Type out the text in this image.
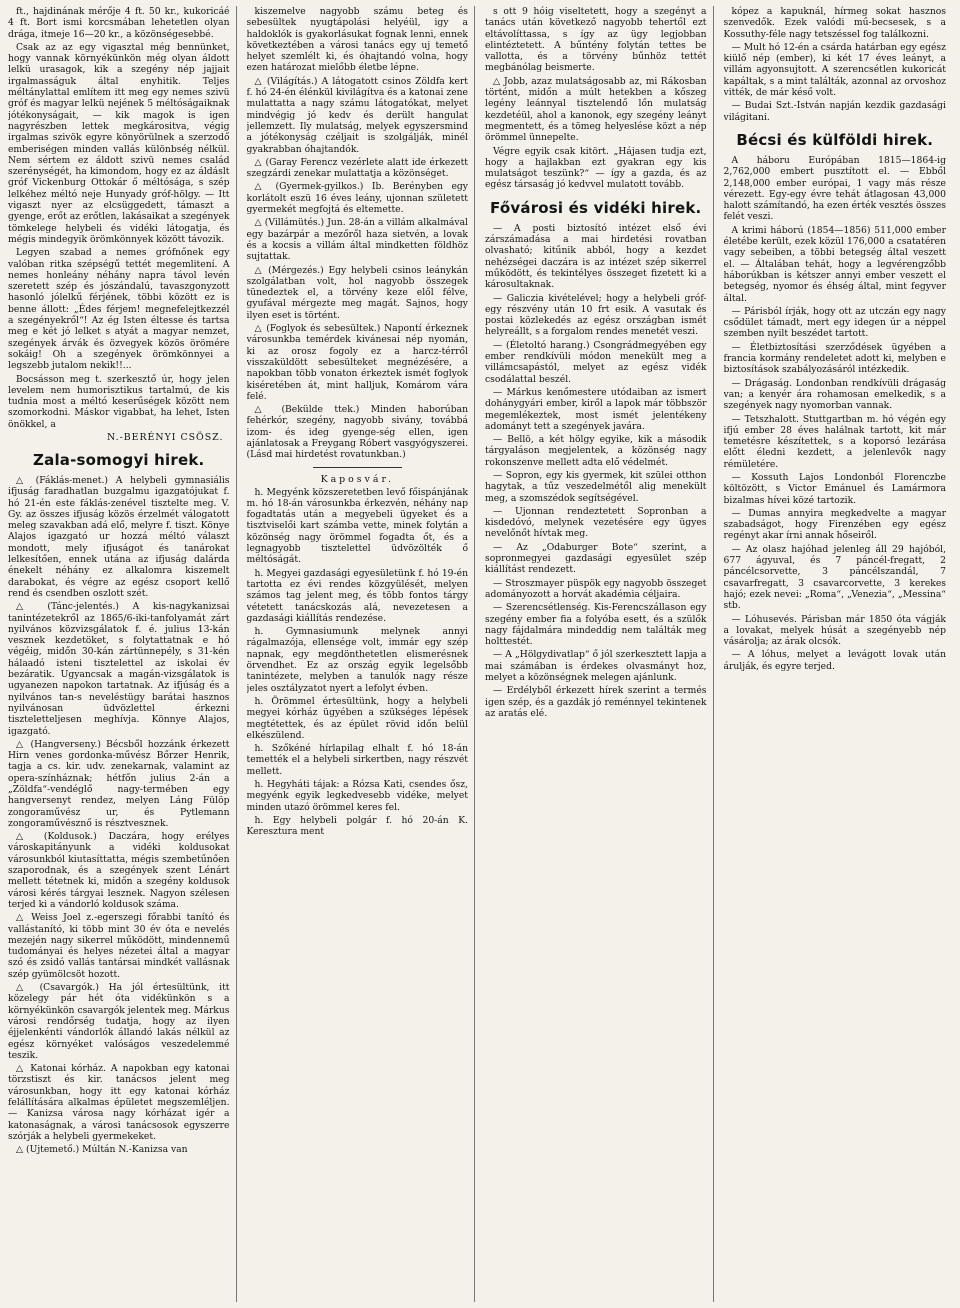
ft., hajdinának mérője 4 ft. 50 kr., kukoricáé 4 ft. Bort ismi korcsmában lehetetlen olyan drága, itmeje 16—20 kr., a közönségesebbé.

Csak az az egy vigasztal még bennünket, hogy vannak környékünkön még olyan áldott lelkü urasagok, kik a szegény nép jajjait irgalmasságuk által enyhitik. Teljes méltánylattal említem itt meg egy nemes szivü gróf és magyar lelkü nejének 5 méltóságaiknak jótékonyságait, — kik magok is igen nagyrészben lettek megkárositva, végig irgalmas szivök egyre könyörülnek a szerzodő emberiségen minden vallás különbség nélkül. Nem sértem ez áldott szivü nemes család szerénységét, ha kimondom, hogy ez az áldáslt gróf Vickenburg Ottokár ő méltósága, s szép lelkéhez méltó neje Hunyady gróf-hölgy. — Itt vigaszt nyer az elcsüggedett, támaszt a gyenge, erőt az erőtlen, lakásaikat a szegények tömkelege helybeli és vidéki látogatja, és mégis mindegyik örömkönnyek között távozik.

Legyen szabad a nemes grófnőnek egy valóban ritka szépségű tettét megemlitení. A nemes honleány néhány napra távol levén szeretett szép és jószándalú, tavaszgonyzott hasonló jólelkű férjének, többi között ez is benne állott: „Édes férjem! megnefelejtkezzél a szegényekről“! Az ég Isten éltesse és tartsa meg e két jó lelket s atyát a magyar nemzet, szegények árvák és özvegyek közös örömére sokáig! Oh a szegények örömkönnyei a legszebb jutalom nekik!!...

Bocsásson meg t. szerkesztő úr, hogy jelen levelem nem humorisztikus tartalmú, de kis tudnia most a méltó keserűségek között nem szomorkodni. Máskor vigabbat, ha lehet, Isten önökkel, a

N.-BERÉNYI CSÖSZ.
Zala-somogyi hirek.

△ (Fáklás-menet.) A helybeli gymnasiális ifjuság faradhatlan buzgalmu igazgatójukat f. hó 21-én este fáklás-zenével tisztelte meg. V. Gy. az összes ifjuság közös érzelmét válogatott meleg szavakban adá elő, melyre f. tiszt. Könye Alajos igazgató ur hozzá méltó választ mondott, mely ifjuságot és tanárokat lelkesítően, ennek utána az ifjuság dalárda énekelt néhány ez alkalomra kiszemelt darabokat, és végre az egész csoport kellő rend és csendben oszlott szét.

△ (Tánc-jelentés.) A kis-nagykanizsai tanintézetekről az 1865/6-iki-tanfolyamát zárt nyilvános közvizsgálatok f. é. julius 13-kán vesznek kezdetöket, s folytattatnak e hó végéig, midőn 30-kán zártünnepély, s 31-kén hálaadó isteni tisztelettel az iskolai év bezáratik. Ugyancsak a magán-vizsgálatok is ugyanezen napokon tartatnak. Az ifjúság és a nyilvános tan-s neveléstügy barátai hasznos nyilvánosan üdvözlettel érkezni tiszteletteljesen meghívja. Könnye Alajos, igazgató.

△ (Hangverseny.) Bécsből hozzánk érkezett Hirn venes gordonka-művész Bőrzer Henrik, tagja a cs. kir. udv. zenekarnak, valamint az opera-színháznak; hétfőn julius 2-án a „Zöldfa“-vendéglő nagy-termében egy hangversenyt rendez, melyen Láng Fülöp zongoraművész ur, és Pytlemann zongoraművésznő is résztvesznek.

△ (Koldusok.) Daczára, hogy erélyes városkapitányunk a vidéki koldusokat városunkból kiutasíttatta, mégis szembetűnően szaporodnak, és a szegények szent Lénárt mellett tétetnek ki, midőn a szegény koldusok városi kérés tárgyai lesznek. Nagyon szélesen terjed ki a vándorló koldusok száma.

△ Weiss Joel z.-egerszegi főrabbi tanító és vallástanító, ki több mint 30 év óta e nevelés mezején nagy sikerrel működött, mindennemű tudományai és helyes nézetei által a magyar szó és zsidó vallás tantársai mindkét vallásnak szép gyümölcsöt hozott.

△ (Csavargók.) Ha jól értesültünk, itt közelegy pár hét óta vidékünkön s a környékünkön csavargók jelentek meg. Márkus városi rendőrség tudatja, hogy az ilyen éjjelenkénti vándorlók állandó lakás nélkül az egész környéket valóságos veszedelemmé teszik.

△ Katonai kórház. A napokban egy katonai törzstiszt és kir. tanácsos jelent meg városunkban, hogy itt egy katonai kórház felállítására alkalmas épületet megszemléljen. — Kanizsa városa nagy kórházat igér a katonaságnak, a városi tanácsosok egyszerre szórják a helybeli gyermekeket.

△ (Ujtemető.) Múltán N.-Kanizsa van

kiszemelve nagyobb számu beteg és sebesültek nyugtápolási helyéül, igy a haldoklók is gyakorlásukat fognak lenni, ennek következtében a városi tanács egy uj temető helyet szemlélt ki, és óhajtandó volna, hogy ezen határozat mielőbb életbe lépne.

△ (Világítás.) A látogatott csinos Zöldfa kert f. hó 24-én élénkül kivilágítva és a katonai zene mulattatta a nagy számu látogatókat, melyet mindvégig jó kedv és derült hangulat jellemzett. Ily mulatság, melyek egyszersmind a jótékonyság czéljait is szolgálják, minél gyakrabban óhajtandók.

△ (Garay Ferencz vezérlete alatt ide érkezett szegzárdi zenekar mulattatja a közönséget.

△ (Gyermek-gyilkos.) Ib. Berényben egy korlátolt eszü 16 éves leány, ujonnan született gyermekét megfojtá és eltemette.

△ (Villámütés.) Jun. 28-án a villám alkalmával egy bazárpár a mezőről haza sietvén, a lovak és a kocsis a villám által mindketten földhöz sujtattak.

△ (Mérgezés.) Egy helybeli csinos leánykán szolgálatban volt, hol nagyobb összegek tünedeztek el, a törvény keze elől félve, gyufával mérgezte meg magát. Sajnos, hogy ilyen eset is történt.

△ (Foglyok és sebesültek.) Napontí érkeznek városunkba temérdek kivánesai nép nyomán, ki az orosz fogoly ez a harcz-térről visszaküldött sebesülteket megnézésére, a napokban több vonaton érkeztek ismét foglyok kiséretében át, mint halljuk, Komárom vára felé.

△ (Bekülde ttek.) Minden haborúban fehérkór, szegény, nagyobb sivány, továbbá izom- és ideg gyenge-ség ellen, igen ajánlatosak a Freygang Róbert vasgyógyszerei. (Lásd mai hirdetést rovatunkban.)

Kaposvár.

h. Megyénk közszeretetben levő főispánjának m. hó 18-án városunkba érkezvén, néhány nap fogadtatás után a megyebeli ügyeket és a tisztviselői kart számba vette, minek folytán a közönség nagy örömmel fogadta őt, és a legnagyobb tisztelettel üdvözölték ő méltóságát.

h. Megyei gazdasági egyesületünk f. hó 19-én tartotta ez évi rendes közgyülését, melyen számos tag jelent meg, és több fontos tárgy vétetett tanácskozás alá, nevezetesen a gazdasági kiállítás rendezése.

h. Gymnasiumunk melynek annyi rágalmazója, ellensége volt, immár egy szép napnak, egy megdönthetetlen elismerésnek örvendhet. Ez az ország egyik legelsőbb tanintézete, melyben a tanulók nagy része jeles osztályzatot nyert a lefolyt évben.

h. Örömmel értesültünk, hogy a helybeli megyei kórház ügyében a szükséges lépések megtétettek, és az épület rövid időn belül elkészülend.

h. Szőkéné hírlapilag elhalt f. hó 18-án temették el a helybeli sirkertben, nagy részvét mellett.

h. Hegyháti tájak: a Rózsa Kati, csendes ősz, megyénk egyik legkedvesebb vidéke, melyet minden utazó örömmel keres fel.

h. Egy helybeli polgár f. hó 20-án K. Keresztura ment

s ott 9 hóig viseltetett, hogy a szegényt a tanács után következő nagyobb tehertől ezt eltávolíttassa, s így az ügy legjobban elintéztetett. A bűntény folytán tettes be vallotta, és a törvény bűnhöz tettét megbánólag beismerte.

△ Jobb, azaz mulatságosabb az, mi Rákosban történt, midőn a múlt hetekben a kőszeg legény leánnyal tisztelendő lőn mulatság kezdetéül, ahol a kanonok, egy szegény leányt megmentett, és a tömeg helyeslése közt a nép örömmel ünnepelte.

Végre egyik csak kitört. „Hájasen tudja ezt, hogy a hajlakban ezt gyakran egy kis mulatságot teszünk?“ — így a gazda, és az egész társaság jó kedvvel mulatott tovább.

Fővárosi és vidéki hirek.

— A posti biztosító intézet első évi zárszámadása a mai hirdetési rovatban olvasható; kitűnik abból, hogy a kezdet nehézségei daczára is az intézet szép sikerrel működött, és tekintélyes összeget fizetett ki a károsultaknak.

— Galiczia kivételével; hogy a helybeli gróf-egy részvény után 10 frt esik. A vasutak és postai közlekedés az egész országban ismét helyreállt, s a forgalom rendes menetét veszi.

— (Életoltó harang.) Csongrádmegyében egy ember rendkívüli módon menekült meg a villámcsapástól, melyet az egész vidék csodálattal beszél.

— Márkus kenőmestere utódaiban az ismert dohánygyári ember, kiről a lapok már többször megemlékeztek, most ismét jelentékeny adományt tett a szegények javára.

— Bellö, a két hölgy egyike, kik a második tárgyaláson megjelentek, a közönség nagy rokonszenve mellett adta elő védelmét.

— Sopron, egy kis gyermek, kit szülei otthon hagytak, a tűz veszedelmétől alig menekült meg, a szomszédok segítségével.

— Ujonnan rendeztetett Sopronban a kisdedóvó, melynek vezetésére egy ügyes nevelőnőt hívtak meg.

— Az „Odaburger Bote“ szerint, a sopronmegyei gazdasági egyesület szép kiállítást rendezett.

— Stroszmayer püspök egy nagyobb összeget adományozott a horvát akadémia céljaira.

— Szerencsétlenség. Kis-Ferencszállason egy szegény ember fia a folyóba esett, és a szülők nagy fájdalmára mindeddig nem találták meg holttestét.

— A „Hölgydivatlap“ ő jól szerkesztett lapja a mai számában is érdekes olvasmányt hoz, melyet a közönségnek melegen ajánlunk.

— Erdélyből érkezett hírek szerint a termés igen szép, és a gazdák jó reménnyel tekintenek az aratás elé.

kópez a kapuknál, hírmeg sokat hasznos szenvedők. Ezek valódi mű-becsesek, s a Kossuthy-féle nagy tetszéssel fog találkozni.

— Mult hó 12-én a csárda határban egy egész kiülő nép (ember), ki két 17 éves leányt, a villám agyonsujtott. A szerencsétlen kukoricát kapáltak, s a mint találták, azonnal az orvoshoz vitték, de már késő volt.

— Budai Szt.-István napján kezdik gazdasági világitani.

Bécsi és külföldi hirek.

A háboru Európában 1815—1864-ig 2,762,000 embert pusztított el. — Ebből 2,148,000 ember európai, 1 vagy más része vérezett. Egy-egy évre tehát átlagosan 43,000 halott számítandó, ha ezen érték vesztés összes felét veszi.

A krimi háború (1854—1856) 511,000 ember életébe került, ezek közül 176,000 a csatatéren vagy sebeiben, a többi betegség által veszett el. — Általában tehát, hogy a legvérengzőbb háborúkban is kétszer annyi ember veszett el betegség, nyomor és éhség által, mint fegyver által.

— Párisból írják, hogy ott az utczán egy nagy csődület támadt, mert egy idegen úr a néppel szemben nyilt beszédet tartott.

— Életbiztosítási szerződések ügyében a francia kormány rendeletet adott ki, melyben e biztosítások szabályozásáról intézkedik.

— Drágaság. Londonban rendkívüli drágaság van; a kenyér ára rohamosan emelkedik, s a szegények nagy nyomorban vannak.

— Tetszhalott. Stuttgartban m. hó végén egy ifjú ember 28 éves halálnak tartott, kit már temetésre készítettek, s a koporsó lezárása előtt éledni kezdett, a jelenlevők nagy rémületére.

— Kossuth Lajos Londonból Florenczbe költözött, s Victor Emánuel és Lamármora bizalmas hívei közé tartozik.

— Dumas annyira megkedvelte a magyar szabadságot, hogy Firenzében egy egész regényt akar írni annak hőseiről.

— Az olasz hajóhad jelenleg áll 29 hajóból, 677 ágyuval, és 7 páncél-fregatt, 2 páncélcsorvette, 3 páncélszandál, 7 csavarfregatt, 3 csavarcorvette, 3 kerekes hajó; ezek nevei: „Roma“, „Venezia“, „Messina“ stb.

— Lóhusevés. Párisban már 1850 óta vágják a lovakat, melyek húsát a szegényebb nép vásárolja; az árak olcsók.

— A lóhus, melyet a levágott lovak után árulják, és egyre terjed.
